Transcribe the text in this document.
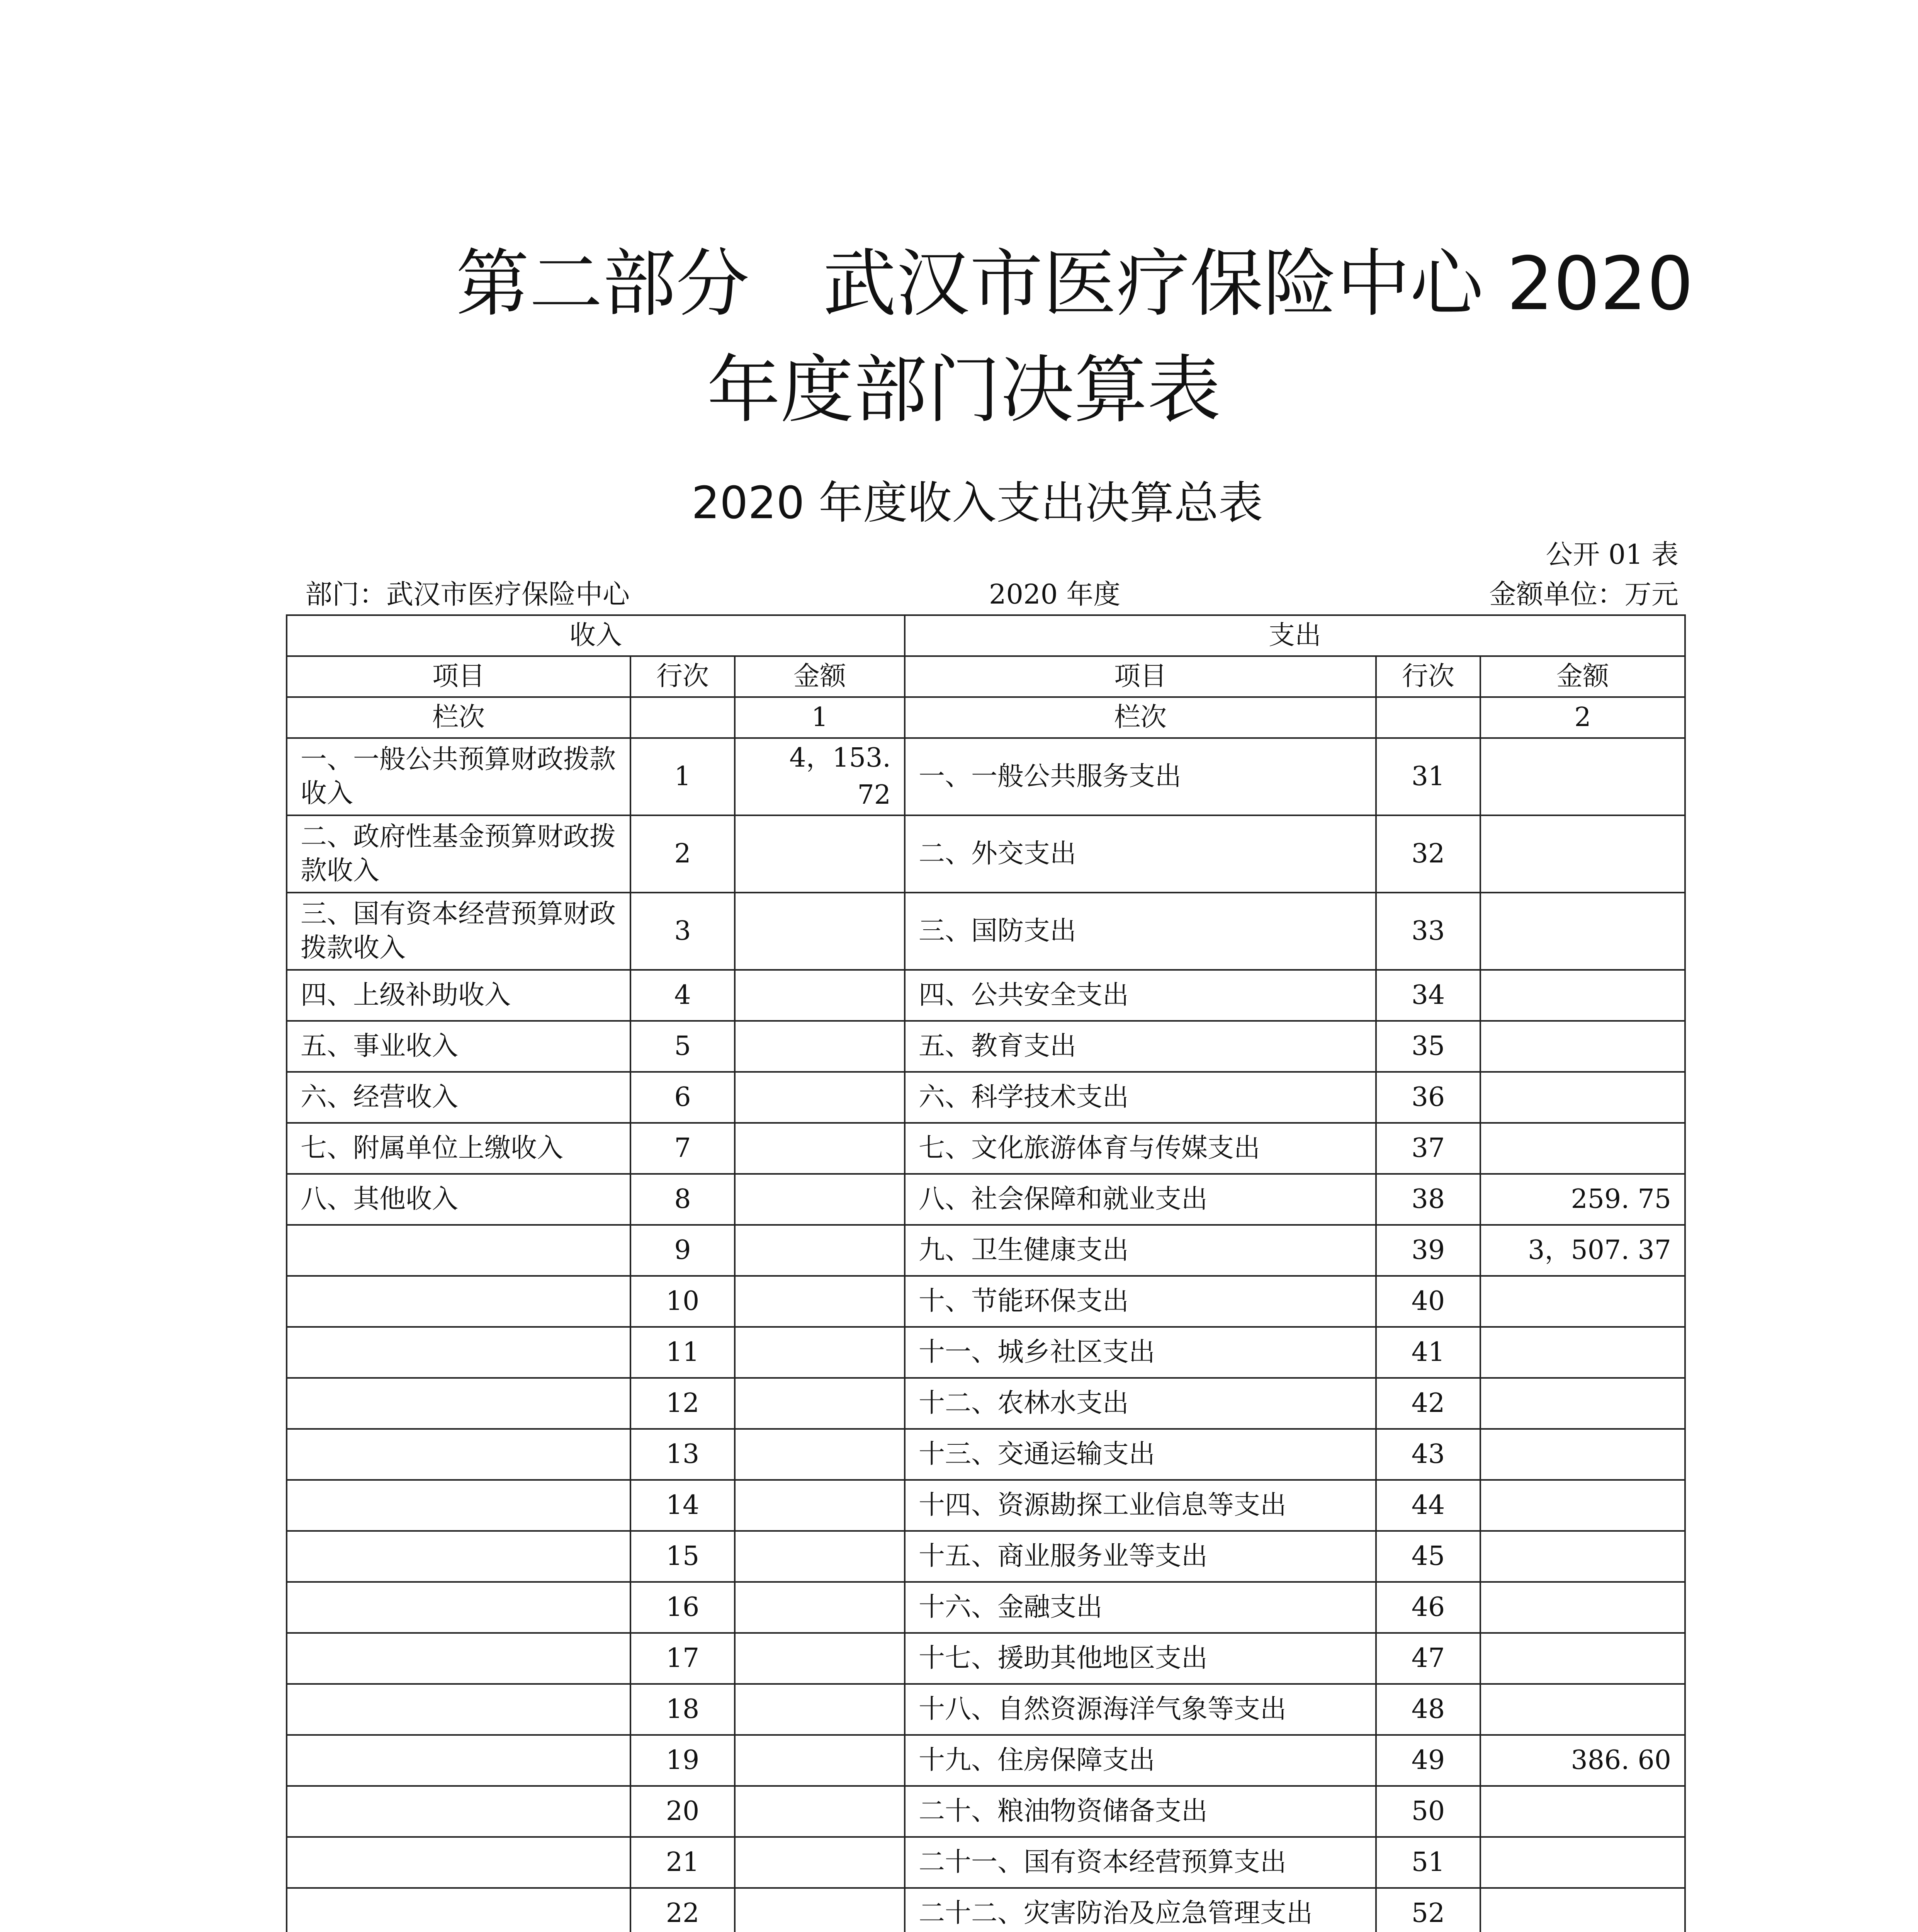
第二部分　武汉市医疗保险中心 2020
年度部门决算表
2020 年度收入支出决算总表
公开 01 表
部门：武汉市医疗保险中心	2020 年度	金额单位：万元
收入			支出		
项目	行次	金额	项目	行次	金额
栏次		1	栏次		2
一、一般公共预算财政拨款收入	1	4，153. 72	一、一般公共服务支出	31	
二、政府性基金预算财政拨款收入	2		二、外交支出	32	
三、国有资本经营预算财政拨款收入	3		三、国防支出	33	
四、上级补助收入	4		四、公共安全支出	34	
五、事业收入	5		五、教育支出	35	
六、经营收入	6		六、科学技术支出	36	
七、附属单位上缴收入	7		七、文化旅游体育与传媒支出	37	
八、其他收入	8		八、社会保障和就业支出	38	259. 75
	9		九、卫生健康支出	39	3，507. 37
	10		十、节能环保支出	40	
	11		十一、城乡社区支出	41	
	12		十二、农林水支出	42	
	13		十三、交通运输支出	43	
	14		十四、资源勘探工业信息等支出	44	
	15		十五、商业服务业等支出	45	
	16		十六、金融支出	46	
	17		十七、援助其他地区支出	47	
	18		十八、自然资源海洋气象等支出	48	
	19		十九、住房保障支出	49	386. 60
	20		二十、粮油物资储备支出	50	
	21		二十一、国有资本经营预算支出	51	
	22		二十二、灾害防治及应急管理支出	52	
